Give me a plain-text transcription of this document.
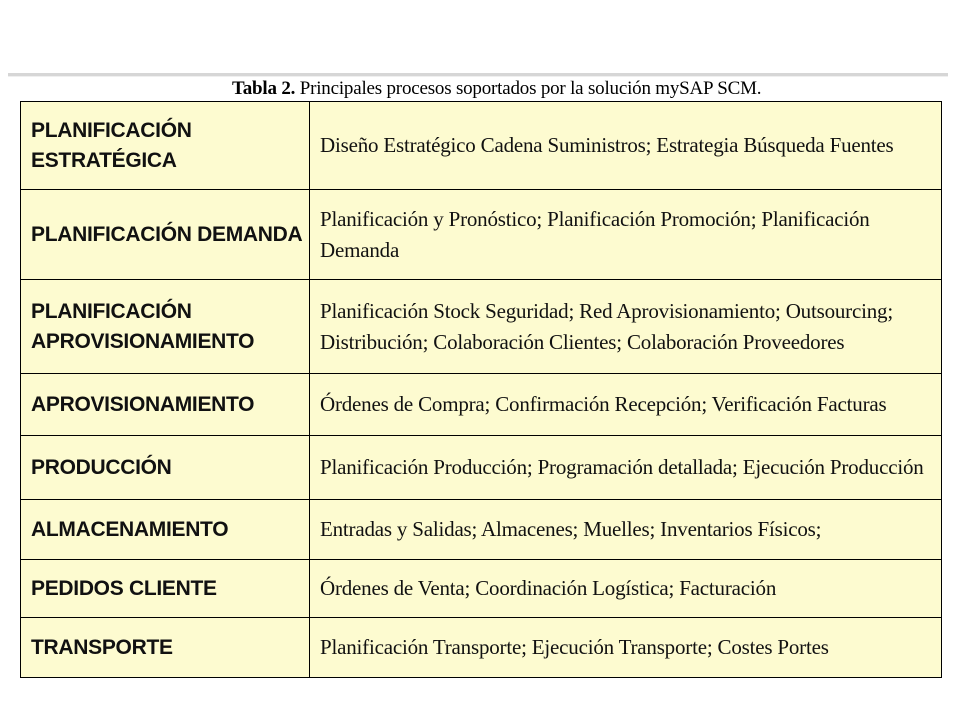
Tabla 2. Principales procesos soportados por la solución mySAP SCM.
PLANIFICACIÓN ESTRATÉGICA	Diseño Estratégico Cadena Suministros; Estrategia Búsqueda Fuentes
PLANIFICACIÓN DEMANDA	Planificación y Pronóstico; Planificación Promoción; Planificación Demanda
PLANIFICACIÓN APROVISIONAMIENTO	Planificación Stock Seguridad; Red Aprovisionamiento; Outsourcing; Distribución; Colaboración Clientes; Colaboración Proveedores
APROVISIONAMIENTO	Órdenes de Compra; Confirmación Recepción; Verificación Facturas
PRODUCCIÓN	Planificación Producción; Programación detallada; Ejecución Producción
ALMACENAMIENTO	Entradas y Salidas; Almacenes; Muelles; Inventarios Físicos;
PEDIDOS CLIENTE	Órdenes de Venta; Coordinación Logística; Facturación
TRANSPORTE	Planificación Transporte; Ejecución Transporte; Costes Portes
